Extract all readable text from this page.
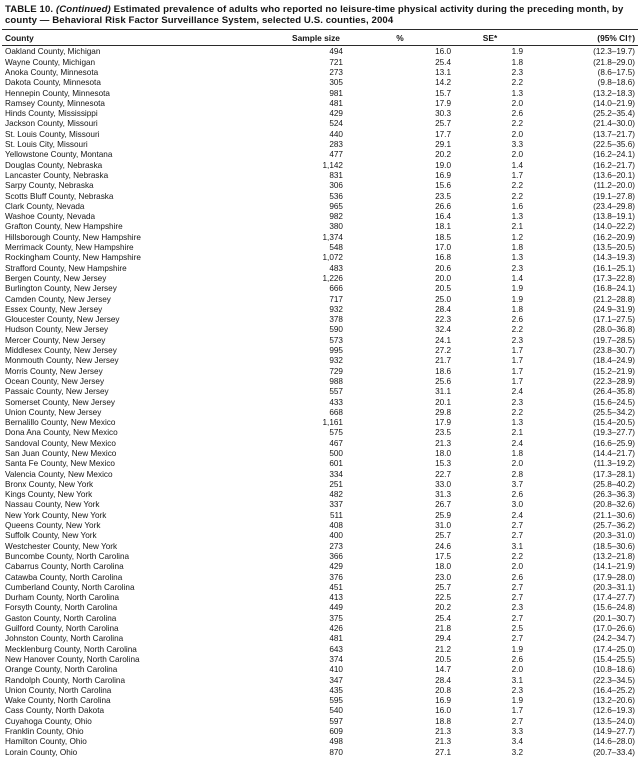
TABLE 10. (Continued) Estimated prevalence of adults who reported no leisure-time physical activity during the preceding month, by county — Behavioral Risk Factor Surveillance System, selected U.S. counties, 2004
County	Sample size	%	SE*	(95% CI†)
Oakland County, Michigan	494	16.0	1.9	(12.3–19.7)
Wayne County, Michigan	721	25.4	1.8	(21.8–29.0)
Anoka County, Minnesota	273	13.1	2.3	(8.6–17.5)
Dakota County, Minnesota	305	14.2	2.2	(9.8–18.6)
Hennepin County, Minnesota	981	15.7	1.3	(13.2–18.3)
Ramsey County, Minnesota	481	17.9	2.0	(14.0–21.9)
Hinds County, Mississippi	429	30.3	2.6	(25.2–35.4)
Jackson County, Missouri	524	25.7	2.2	(21.4–30.0)
St. Louis County, Missouri	440	17.7	2.0	(13.7–21.7)
St. Louis City, Missouri	283	29.1	3.3	(22.5–35.6)
Yellowstone County, Montana	477	20.2	2.0	(16.2–24.1)
Douglas County, Nebraska	1,142	19.0	1.4	(16.2–21.7)
Lancaster County, Nebraska	831	16.9	1.7	(13.6–20.1)
Sarpy County, Nebraska	306	15.6	2.2	(11.2–20.0)
Scotts Bluff County, Nebraska	536	23.5	2.2	(19.1–27.8)
Clark County, Nevada	965	26.6	1.6	(23.4–29.8)
Washoe County, Nevada	982	16.4	1.3	(13.8–19.1)
Grafton County, New Hampshire	380	18.1	2.1	(14.0–22.2)
Hillsborough County, New Hampshire	1,374	18.5	1.2	(16.2–20.9)
Merrimack County, New Hampshire	548	17.0	1.8	(13.5–20.5)
Rockingham County, New Hampshire	1,072	16.8	1.3	(14.3–19.3)
Strafford County, New Hampshire	483	20.6	2.3	(16.1–25.1)
Bergen County, New Jersey	1,226	20.0	1.4	(17.3–22.8)
Burlington County, New Jersey	666	20.5	1.9	(16.8–24.1)
Camden County, New Jersey	717	25.0	1.9	(21.2–28.8)
Essex County, New Jersey	932	28.4	1.8	(24.9–31.9)
Gloucester County, New Jersey	378	22.3	2.6	(17.1–27.5)
Hudson County, New Jersey	590	32.4	2.2	(28.0–36.8)
Mercer County, New Jersey	573	24.1	2.3	(19.7–28.5)
Middlesex County, New Jersey	995	27.2	1.7	(23.8–30.7)
Monmouth County, New Jersey	932	21.7	1.7	(18.4–24.9)
Morris County, New Jersey	729	18.6	1.7	(15.2–21.9)
Ocean County, New Jersey	988	25.6	1.7	(22.3–28.9)
Passaic County, New Jersey	557	31.1	2.4	(26.4–35.8)
Somerset County, New Jersey	433	20.1	2.3	(15.6–24.5)
Union County, New Jersey	668	29.8	2.2	(25.5–34.2)
Bernalillo County, New Mexico	1,161	17.9	1.3	(15.4–20.5)
Dona Ana County, New Mexico	575	23.5	2.1	(19.3–27.7)
Sandoval County, New Mexico	467	21.3	2.4	(16.6–25.9)
San Juan County, New Mexico	500	18.0	1.8	(14.4–21.7)
Santa Fe County, New Mexico	601	15.3	2.0	(11.3–19.2)
Valencia County, New Mexico	334	22.7	2.8	(17.3–28.1)
Bronx County, New York	251	33.0	3.7	(25.8–40.2)
Kings County, New York	482	31.3	2.6	(26.3–36.3)
Nassau County, New York	337	26.7	3.0	(20.8–32.6)
New York County, New York	511	25.9	2.4	(21.1–30.6)
Queens County, New York	408	31.0	2.7	(25.7–36.2)
Suffolk County, New York	400	25.7	2.7	(20.3–31.0)
Westchester County, New York	273	24.6	3.1	(18.5–30.6)
Buncombe County, North Carolina	366	17.5	2.2	(13.2–21.8)
Cabarrus County, North Carolina	429	18.0	2.0	(14.1–21.9)
Catawba County, North Carolina	376	23.0	2.6	(17.9–28.0)
Cumberland County, North Carolina	451	25.7	2.7	(20.3–31.1)
Durham County, North Carolina	413	22.5	2.7	(17.4–27.7)
Forsyth County, North Carolina	449	20.2	2.3	(15.6–24.8)
Gaston County, North Carolina	375	25.4	2.7	(20.1–30.7)
Guilford County, North Carolina	426	21.8	2.5	(17.0–26.6)
Johnston County, North Carolina	481	29.4	2.7	(24.2–34.7)
Mecklenburg County, North Carolina	643	21.2	1.9	(17.4–25.0)
New Hanover County, North Carolina	374	20.5	2.6	(15.4–25.5)
Orange County, North Carolina	410	14.7	2.0	(10.8–18.6)
Randolph County, North Carolina	347	28.4	3.1	(22.3–34.5)
Union County, North Carolina	435	20.8	2.3	(16.4–25.2)
Wake County, North Carolina	595	16.9	1.9	(13.2–20.6)
Cass County, North Dakota	540	16.0	1.7	(12.6–19.3)
Cuyahoga County, Ohio	597	18.8	2.7	(13.5–24.0)
Franklin County, Ohio	609	21.3	3.3	(14.9–27.7)
Hamilton County, Ohio	498	21.3	3.4	(14.6–28.0)
Lorain County, Ohio	870	27.1	3.2	(20.7–33.4)
